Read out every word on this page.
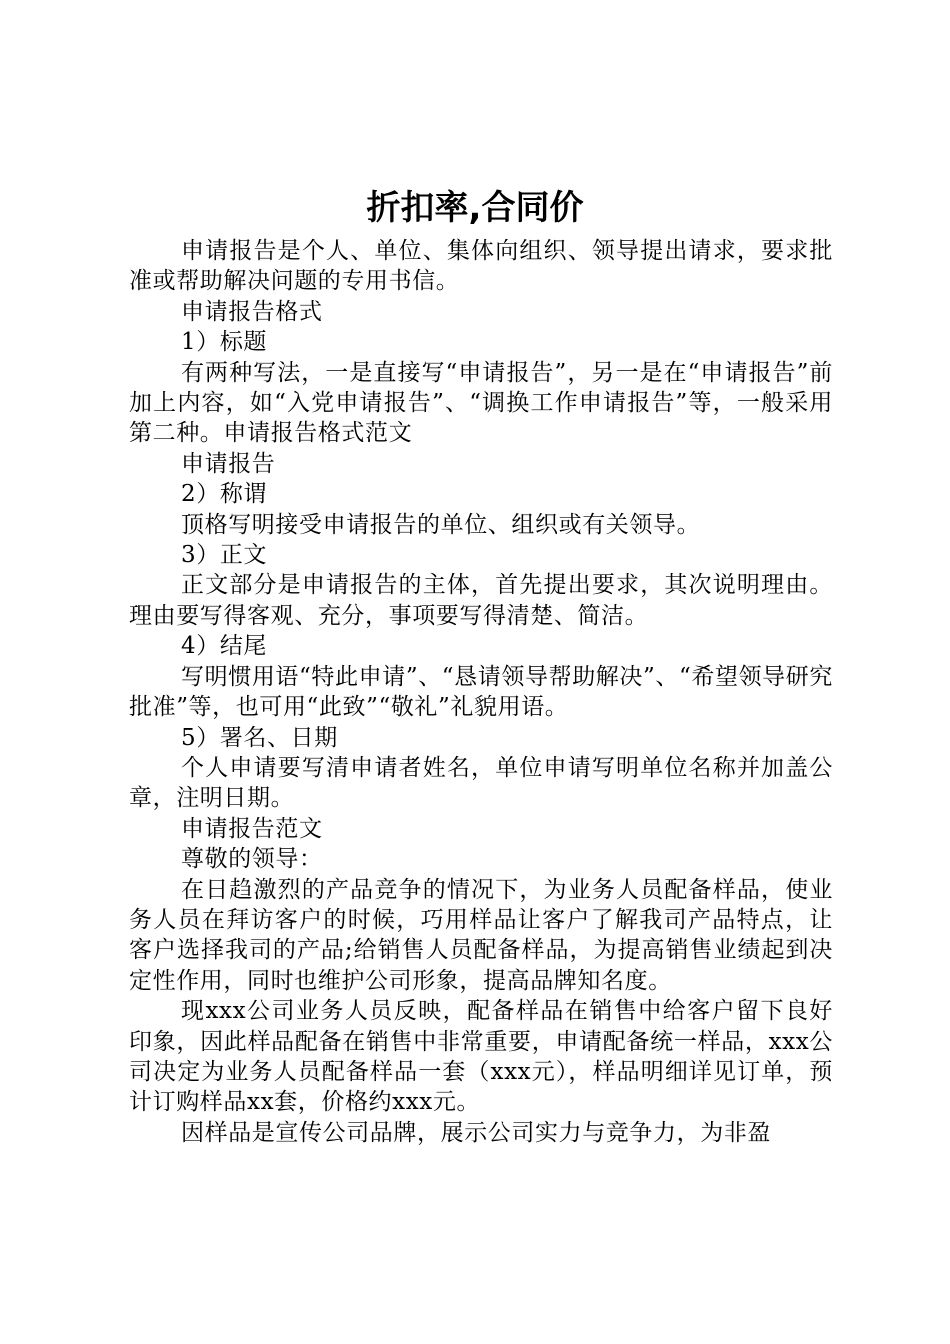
折扣率,合同价

申请报告是个人、单位、集体向组织、领导提出请求，要求批准或帮助解决问题的专用书信。

申请报告格式

1）标题

有两种写法，一是直接写“申请报告”，另一是在“申请报告”前加上内容，如“入党申请报告”、“调换工作申请报告”等，一般采用第二种。申请报告格式范文

申请报告

2）称谓

顶格写明接受申请报告的单位、组织或有关领导。

3）正文

正文部分是申请报告的主体，首先提出要求，其次说明理由。理由要写得客观、充分，事项要写得清楚、简洁。

4）结尾

写明惯用语“特此申请”、“恳请领导帮助解决”、“希望领导研究批准”等，也可用“此致”“敬礼”礼貌用语。

5）署名、日期

个人申请要写清申请者姓名，单位申请写明单位名称并加盖公章，注明日期。

申请报告范文

尊敬的领导：

在日趋激烈的产品竞争的情况下，为业务人员配备样品，使业务人员在拜访客户的时候，巧用样品让客户了解我司产品特点，让客户选择我司的产品;给销售人员配备样品，为提高销售业绩起到决定性作用，同时也维护公司形象，提高品牌知名度。

现xxx公司业务人员反映，配备样品在销售中给客户留下良好印象，因此样品配备在销售中非常重要，申请配备统一样品，xxx公司决定为业务人员配备样品一套（xxx元），样品明细详见订单，预计订购样品xx套，价格约xxx元。

因样品是宣传公司品牌，展示公司实力与竞争力，为非盈
